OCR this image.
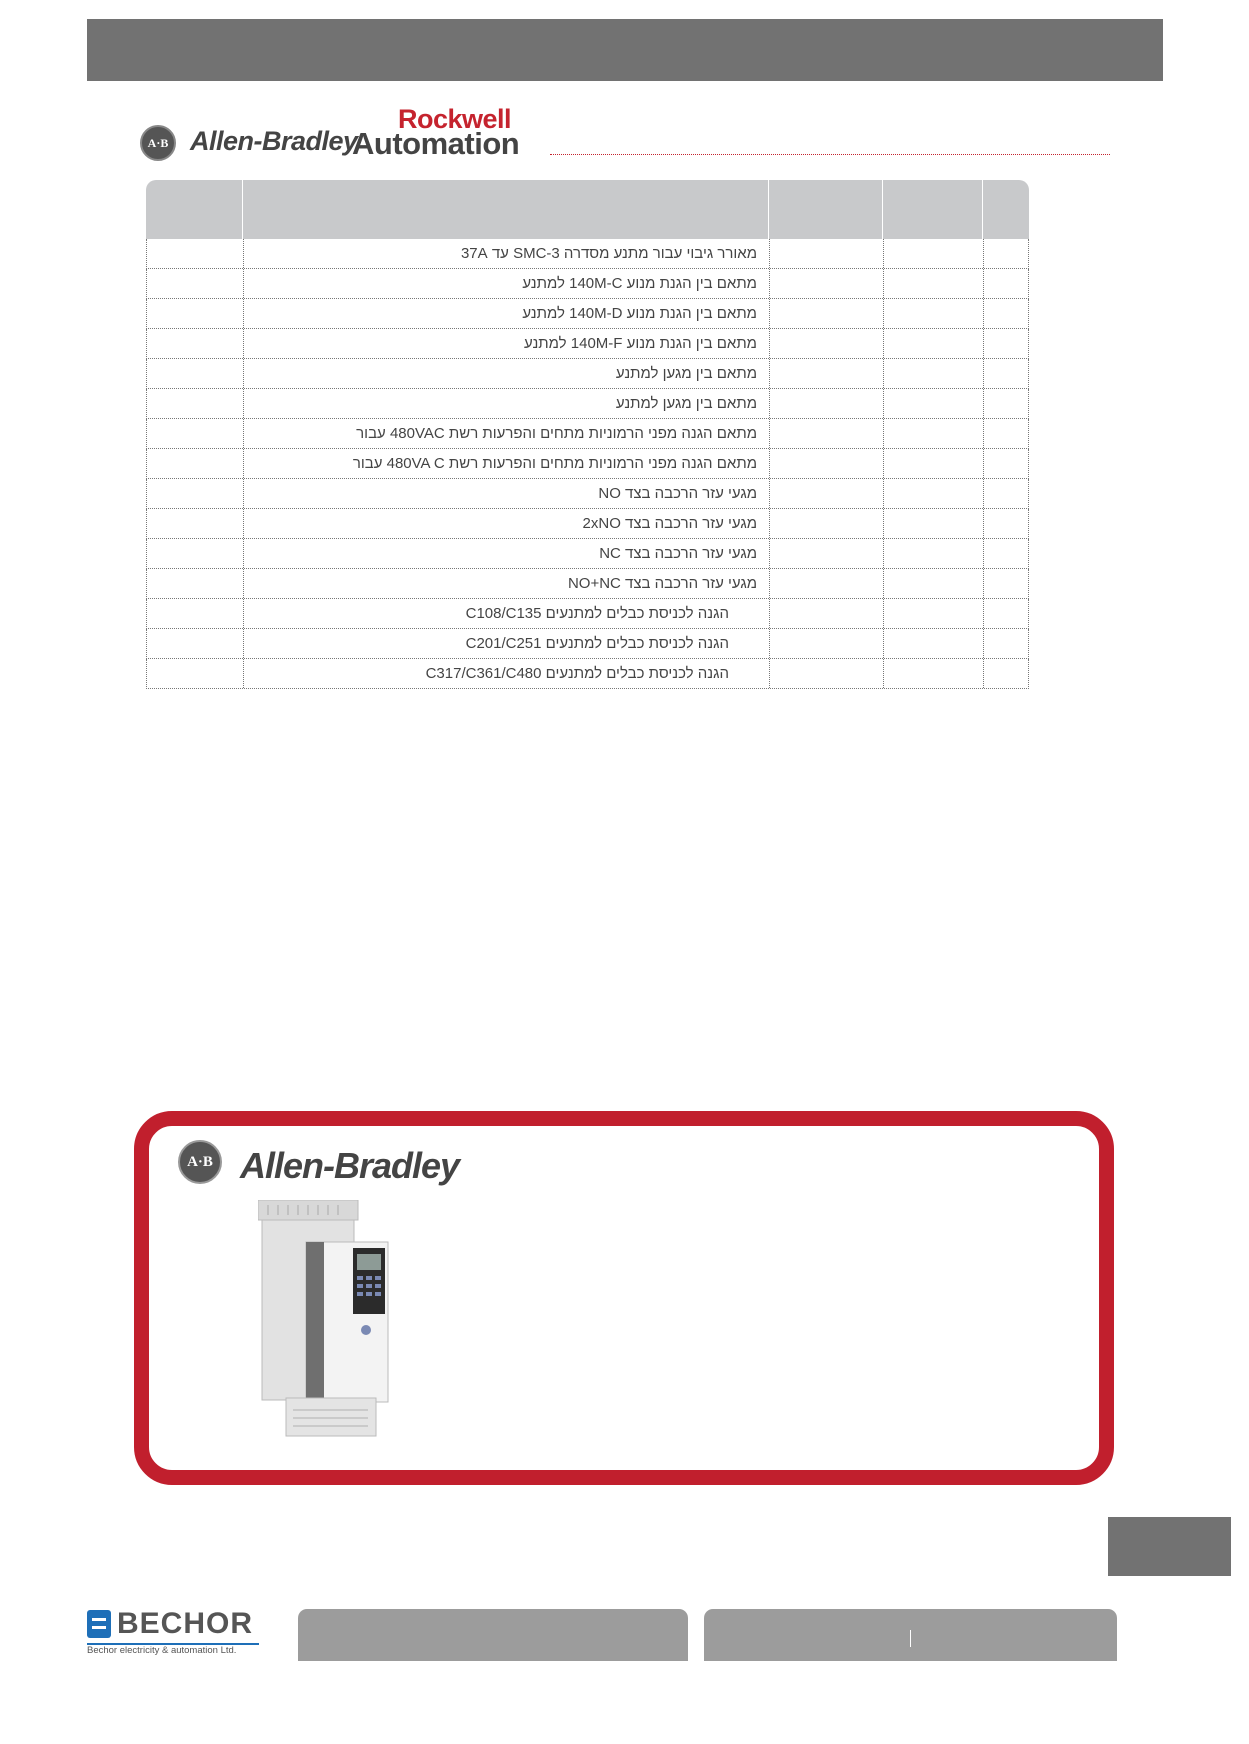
A·B Allen-Bradley
Rockwell
Automation
מאורר גיבוי עבור מתנע מסדרה SMC-3 עד 37A
מתאם בין הגנת מנוע 140M-C למתנע
מתאם בין הגנת מנוע 140M-D למתנע
מתאם בין הגנת מנוע 140M-F למתנע
מתאם בין מגען למתנע
מתאם בין מגען למתנע
מתאם הגנה מפני הרמוניות מתחים והפרעות רשת 480VAC עבור
מתאם הגנה מפני הרמוניות מתחים והפרעות רשת 480VA C עבור
מגעי עזר הרכבה בצד NO
מגעי עזר הרכבה בצד 2xNO
מגעי עזר הרכבה בצד NC
מגעי עזר הרכבה בצד NO+NC
הגנה לכניסת כבלים למתנעים C108/C135
הגנה לכניסת כבלים למתנעים C201/C251
הגנה לכניסת כבלים למתנעים C317/C361/C480
A·B Allen-Bradley
BECHOR
Bechor electricity & automation Ltd.
